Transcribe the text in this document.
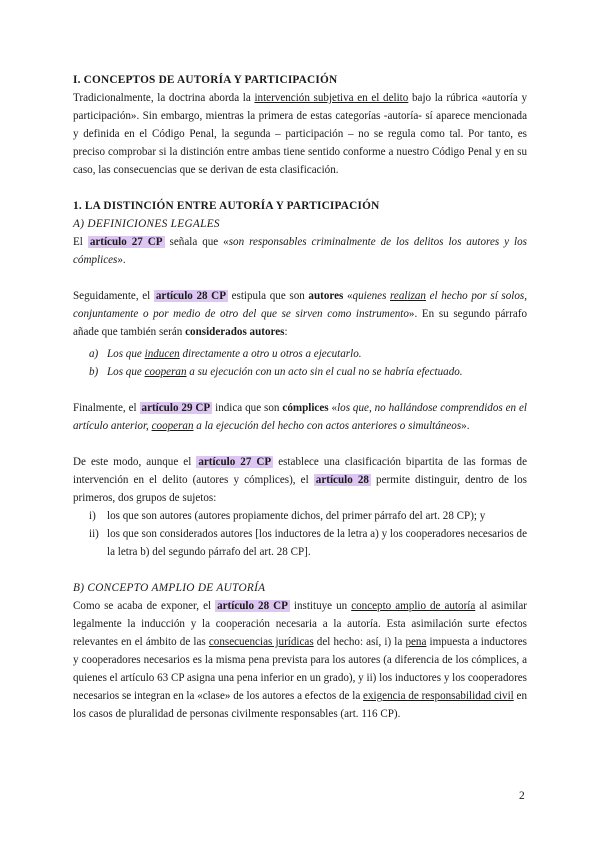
I. CONCEPTOS DE AUTORÍA Y PARTICIPACIÓN

Tradicionalmente, la doctrina aborda la intervención subjetiva en el delito bajo la rúbrica «autoría y participación». Sin embargo, mientras la primera de estas categorías -autoría- sí aparece mencionada y definida en el Código Penal, la segunda – participación – no se regula como tal. Por tanto, es preciso comprobar si la distinción entre ambas tiene sentido conforme a nuestro Código Penal y en su caso, las consecuencias que se derivan de esta clasificación.

1. LA DISTINCIÓN ENTRE AUTORÍA Y PARTICIPACIÓN
A) DEFINICIONES LEGALES

El artículo 27 CP señala que «son responsables criminalmente de los delitos los autores y los cómplices».

Seguidamente, el artículo 28 CP estipula que son autores «quienes realizan el hecho por sí solos, conjuntamente o por medio de otro del que se sirven como instrumento». En su segundo párrafo añade que también serán considerados autores:

a) Los que inducen directamente a otro u otros a ejecutarlo.
b) Los que cooperan a su ejecución con un acto sin el cual no se habría efectuado.

Finalmente, el artículo 29 CP indica que son cómplices «los que, no hallándose comprendidos en el artículo anterior, cooperan a la ejecución del hecho con actos anteriores o simultáneos».

De este modo, aunque el artículo 27 CP establece una clasificación bipartita de las formas de intervención en el delito (autores y cómplices), el artículo 28 permite distinguir, dentro de los primeros, dos grupos de sujetos:

i) los que son autores (autores propiamente dichos, del primer párrafo del art. 28 CP); y
ii) los que son considerados autores [los inductores de la letra a) y los cooperadores necesarios de la letra b) del segundo párrafo del art. 28 CP].
B) CONCEPTO AMPLIO DE AUTORÍA

Como se acaba de exponer, el artículo 28 CP instituye un concepto amplio de autoría al asimilar legalmente la inducción y la cooperación necesaria a la autoría. Esta asimilación surte efectos relevantes en el ámbito de las consecuencias jurídicas del hecho: así, i) la pena impuesta a inductores y cooperadores necesarios es la misma pena prevista para los autores (a diferencia de los cómplices, a quienes el artículo 63 CP asigna una pena inferior en un grado), y ii) los inductores y los cooperadores necesarios se integran en la «clase» de los autores a efectos de la exigencia de responsabilidad civil en los casos de pluralidad de personas civilmente responsables (art. 116 CP).

2
